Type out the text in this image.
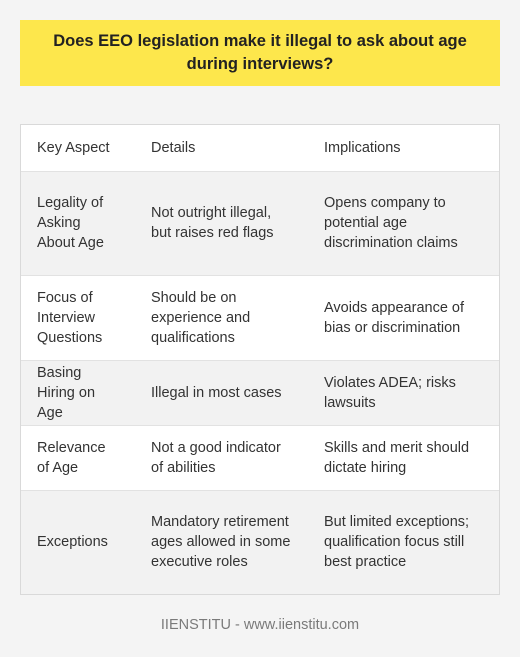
Does EEO legislation make it illegal to ask about age during interviews?
Key Aspect	Details	Implications
Legality of Asking About Age	Not outright illegal, but raises red flags	Opens company to potential age discrimination claims
Focus of Interview Questions	Should be on experience and qualifications	Avoids appearance of bias or discrimination
Basing Hiring on Age	Illegal in most cases	Violates ADEA; risks lawsuits
Relevance of Age	Not a good indicator of abilities	Skills and merit should dictate hiring
Exceptions	Mandatory retirement ages allowed in some executive roles	But limited exceptions; qualification focus still best practice
IIENSTITU - www.iienstitu.com
